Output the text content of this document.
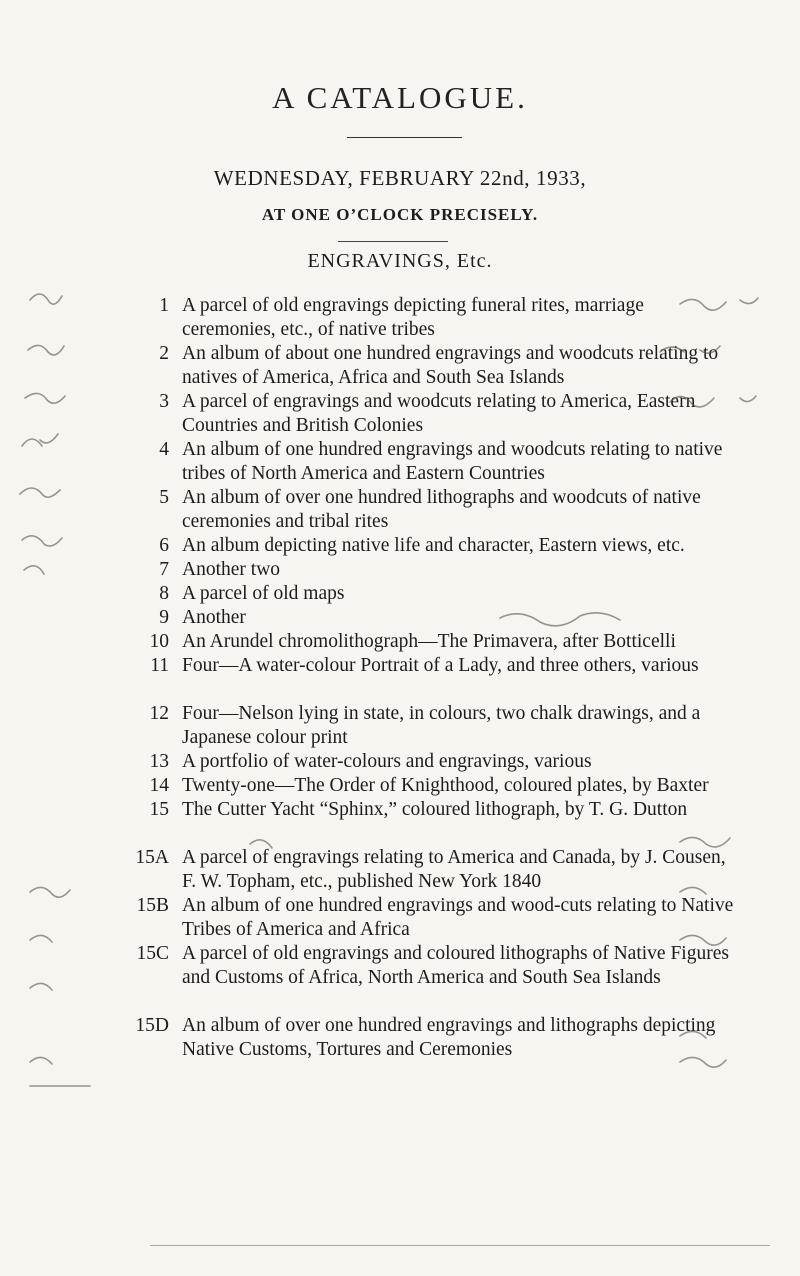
A CATALOGUE.
WEDNESDAY, FEBRUARY 22nd, 1933,
AT ONE O’CLOCK PRECISELY.
ENGRAVINGS, Etc.
1 A parcel of old engravings depicting funeral rites, marriage ceremonies, etc., of native tribes
2 An album of about one hundred engravings and woodcuts relating to natives of America, Africa and South Sea Islands
3 A parcel of engravings and woodcuts relating to America, Eastern Countries and British Colonies
4 An album of one hundred engravings and woodcuts relating to native tribes of North America and Eastern Countries
5 An album of over one hundred lithographs and woodcuts of native ceremonies and tribal rites
6 An album depicting native life and character, Eastern views, etc.
7 Another two
8 A parcel of old maps
9 Another
10 An Arundel chromolithograph—The Primavera, after Botticelli
11 Four—A water-colour Portrait of a Lady, and three others, various
12 Four—Nelson lying in state, in colours, two chalk drawings, and a Japanese colour print
13 A portfolio of water-colours and engravings, various
14 Twenty-one—The Order of Knighthood, coloured plates, by Baxter
15 The Cutter Yacht “Sphinx,” coloured lithograph, by T. G. Dutton
15A A parcel of engravings relating to America and Canada, by J. Cousen, F. W. Topham, etc., published New York 1840
15B An album of one hundred engravings and wood-cuts relating to Native Tribes of America and Africa
15C A parcel of old engravings and coloured lithographs of Native Figures and Customs of Africa, North America and South Sea Islands
15D An album of over one hundred engravings and lithographs depicting Native Customs, Tortures and Ceremonies
